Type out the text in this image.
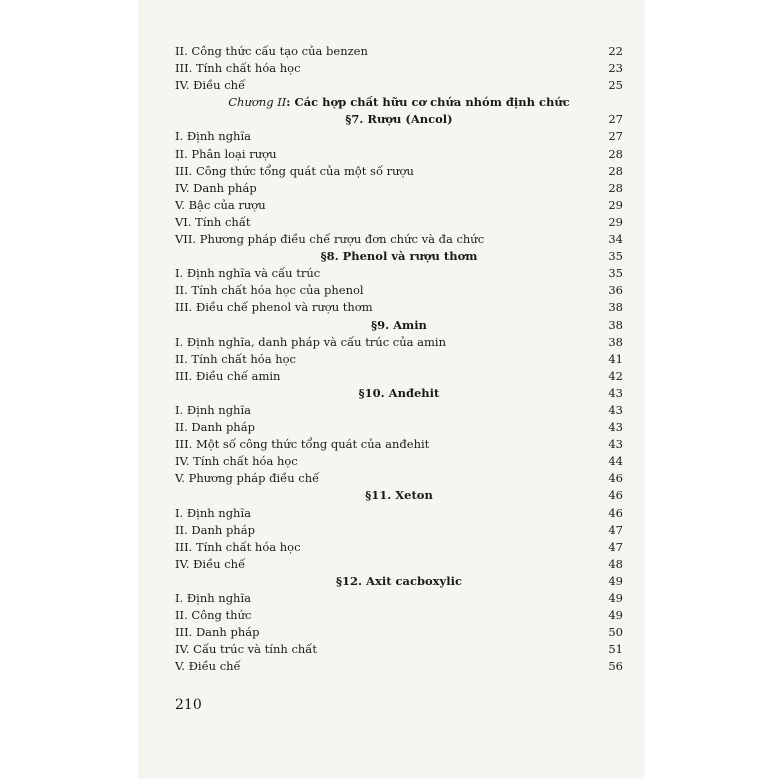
II. Công thức cấu tạo của benzen	22
III. Tính chất hóa học	23
IV. Điều chế	25
Chương II: Các hợp chất hữu cơ chứa nhóm định chức
§7. Rượu (Ancol)	27
I. Định nghĩa	27
II. Phân loại rượu	28
III. Công thức tổng quát của một số rượu	28
IV. Danh pháp	28
V. Bậc của rượu	29
VI. Tính chất	29
VII. Phương pháp điều chế rượu đơn chức và đa chức	34
§8. Phenol và rượu thơm	35
I. Định nghĩa và cấu trúc	35
II. Tính chất hóa học của phenol	36
III. Điều chế phenol và rượu thơm	38
§9. Amin	38
I. Định nghĩa, danh pháp và cấu trúc của amin	38
II. Tính chất hóa học	41
III. Điều chế amin	42
§10. Anđehit	43
I. Định nghĩa	43
II. Danh pháp	43
III. Một số công thức tổng quát của anđehit	43
IV. Tính chất hóa học	44
V. Phương pháp điều chế	46
§11. Xeton	46
I. Định nghĩa	46
II. Danh pháp	47
III. Tính chất hóa học	47
IV. Điều chế	48
§12. Axit cacboxylic	49
I. Định nghĩa	49
II. Công thức	49
III. Danh pháp	50
IV. Cấu trúc và tính chất	51
V. Điều chế	56
210
